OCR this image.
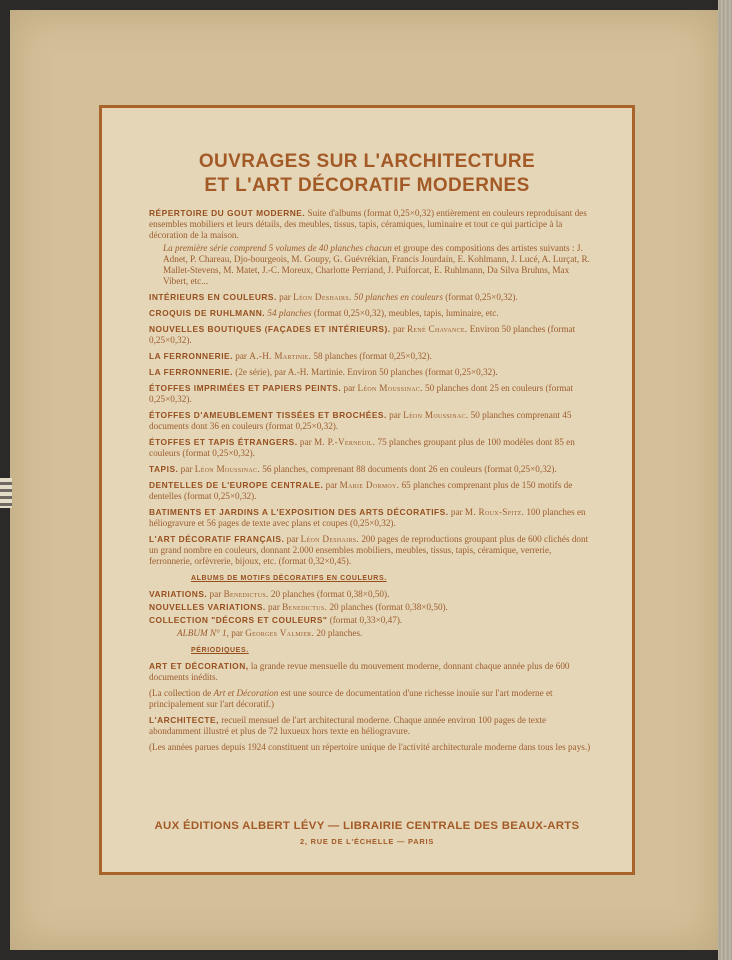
OUVRAGES SUR L'ARCHITECTURE
ET L'ART DÉCORATIF MODERNES
RÉPERTOIRE DU GOUT MODERNE. Suite d'albums (format 0,25×0,32) entièrement en couleurs reproduisant des ensembles mobiliers et leurs détails, des meubles, tissus, tapis, céramiques, luminaire et tout ce qui participe à la décoration de la maison.
La première série comprend 5 volumes de 40 planches chacun et groupe des compositions des artistes suivants : J. Adnet, P. Chareau, Djo-bourgeois, M. Goupy, G. Guévrékian, Francis Jourdain, E. Kohlmann, J. Lucé, A. Lurçat, R. Mallet-Stevens, M. Matet, J.-C. Moreux, Charlotte Perriand, J. Puiforcat, E. Ruhlmann, Da Silva Bruhns, Max Vibert, etc...
INTÉRIEURS EN COULEURS. par Léon Deshairs. 50 planches en couleurs (format 0,25×0,32).
CROQUIS DE RUHLMANN. 54 planches (format 0,25×0,32), meubles, tapis, luminaire, etc.
NOUVELLES BOUTIQUES (FAÇADES ET INTÉRIEURS). par René Chavance. Environ 50 planches (format 0,25×0,32).
LA FERRONNERIE. par A.-H. Martinie. 58 planches (format 0,25×0,32).
LA FERRONNERIE. (2e série), par A.-H. Martinie. Environ 50 planches (format 0,25×0,32).
ÉTOFFES IMPRIMÉES ET PAPIERS PEINTS. par Léon Moussinac. 50 planches dont 25 en couleurs (format 0,25×0,32).
ÉTOFFES D'AMEUBLEMENT TISSÉES ET BROCHÉES. par Léon Moussinac. 50 planches comprenant 45 documents dont 36 en couleurs (format 0,25×0,32).
ÉTOFFES ET TAPIS ÉTRANGERS. par M. P.-Verneuil. 75 planches groupant plus de 100 modèles dont 85 en couleurs (format 0,25×0,32).
TAPIS. par Léon Moussinac. 56 planches, comprenant 88 documents dont 26 en couleurs (format 0,25×0,32).
DENTELLES DE L'EUROPE CENTRALE. par Marie Dormoy. 65 planches comprenant plus de 150 motifs de dentelles (format 0,25×0,32).
BATIMENTS ET JARDINS A L'EXPOSITION DES ARTS DÉCORATIFS. par M. Roux-Spitz. 100 planches en héliogravure et 56 pages de texte avec plans et coupes (0,25×0,32).
L'ART DÉCORATIF FRANÇAIS. par Léon Deshairs. 200 pages de reproductions groupant plus de 600 clichés dont un grand nombre en couleurs, donnant 2.000 ensembles mobiliers, meubles, tissus, tapis, céramique, verrerie, ferronnerie, orfèvrerie, bijoux, etc. (format 0,32×0,45).
ALBUMS DE MOTIFS DÉCORATIFS EN COULEURS.
VARIATIONS. par Benedictus. 20 planches (format 0,38×0,50).
NOUVELLES VARIATIONS. par Benedictus. 20 planches (format 0,38×0,50).
COLLECTION "DÉCORS ET COULEURS" (format 0,33×0,47).
ALBUM N° 1, par Georges Valmier. 20 planches.
PÉRIODIQUES.
ART ET DÉCORATION, la grande revue mensuelle du mouvement moderne, donnant chaque année plus de 600 documents inédits.
(La collection de Art et Décoration est une source de documentation d'une richesse inouïe sur l'art moderne et principalement sur l'art décoratif.)
L'ARCHITECTE, recueil mensuel de l'art architectural moderne. Chaque année environ 100 pages de texte abondamment illustré et plus de 72 luxueux hors texte en héliogravure.
(Les années parues depuis 1924 constituent un répertoire unique de l'activité architecturale moderne dans tous les pays.)
AUX ÉDITIONS ALBERT LÉVY — LIBRAIRIE CENTRALE DES BEAUX-ARTS
2, RUE DE L'ÉCHELLE — PARIS
